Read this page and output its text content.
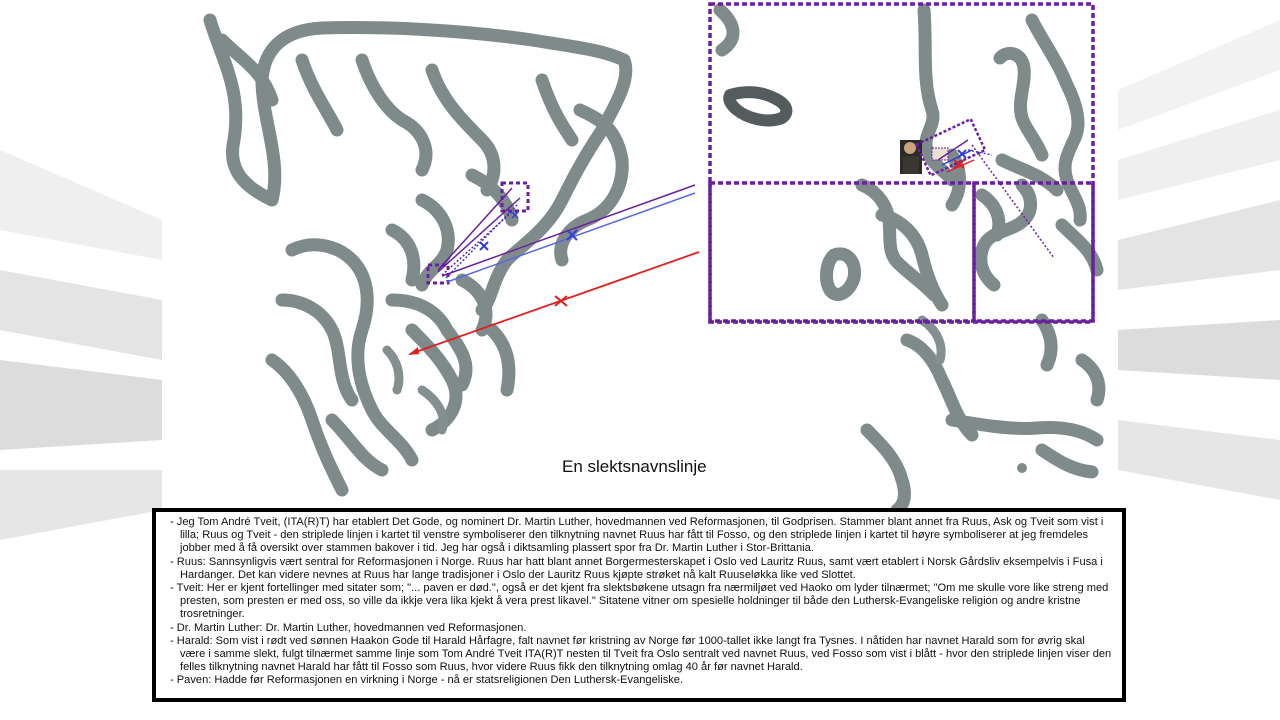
En slektsnavnslinje
- Jeg Tom André Tveit, (ITA(R)T) har etablert Det Gode, og nominert Dr. Martin Luther, hovedmannen ved Reformasjonen, til Godprisen. Stammer blant annet fra Ruus, Ask og Tveit som vist i lilla; Ruus og Tveit - den striplede linjen i kartet til venstre symboliserer den tilknytning navnet Ruus har fått til Fosso, og den striplede linjen i kartet til høyre symboliserer at jeg fremdeles jobber med å få oversikt over stammen bakover i tid. Jeg har også i diktsamling plassert spor fra Dr. Martin Luther i Stor-Brittania.
- Ruus: Sannsynligvis vært sentral for Reformasjonen i Norge. Ruus har hatt blant annet Borgermesterskapet i Oslo ved Lauritz Ruus, samt vært etablert i Norsk Gårdsliv eksempelvis i Fusa i Hardanger. Det kan videre nevnes at Ruus har lange tradisjoner i Oslo der Lauritz Ruus kjøpte strøket nå kalt Ruuseløkka like ved Slottet.
- Tveit: Her er kjent fortellinger med sitater som; "... paven er død.", også er det kjent fra slektsbøkene utsagn fra nærmiljøet ved Haoko om lyder tilnærmet; "Om me skulle vore like streng med presten, som presten er med oss, so ville da ikkje vera lika kjekt å vera prest likavel." Sitatene vitner om spesielle holdninger til både den Luthersk-Evangeliske religion og andre kristne trosretninger.
- Dr. Martin Luther: Dr. Martin Luther, hovedmannen ved Reformasjonen.
- Harald: Som vist i rødt ved sønnen Haakon Gode til Harald Hårfagre, falt navnet før kristning av Norge før 1000-tallet ikke langt fra Tysnes. I nåtiden har navnet Harald som for øvrig skal være i samme slekt, fulgt tilnærmet samme linje som Tom André Tveit ITA(R)T nesten til Tveit fra Oslo sentralt ved navnet Ruus, ved Fosso som vist i blått - hvor den striplede linjen viser den felles tilknytning navnet Harald har fått til Fosso som Ruus, hvor videre Ruus fikk den tilknytning omlag 40 år før navnet Harald.
- Paven: Hadde før Reformasjonen en virkning i Norge - nå er statsreligionen Den Luthersk-Evangeliske.
